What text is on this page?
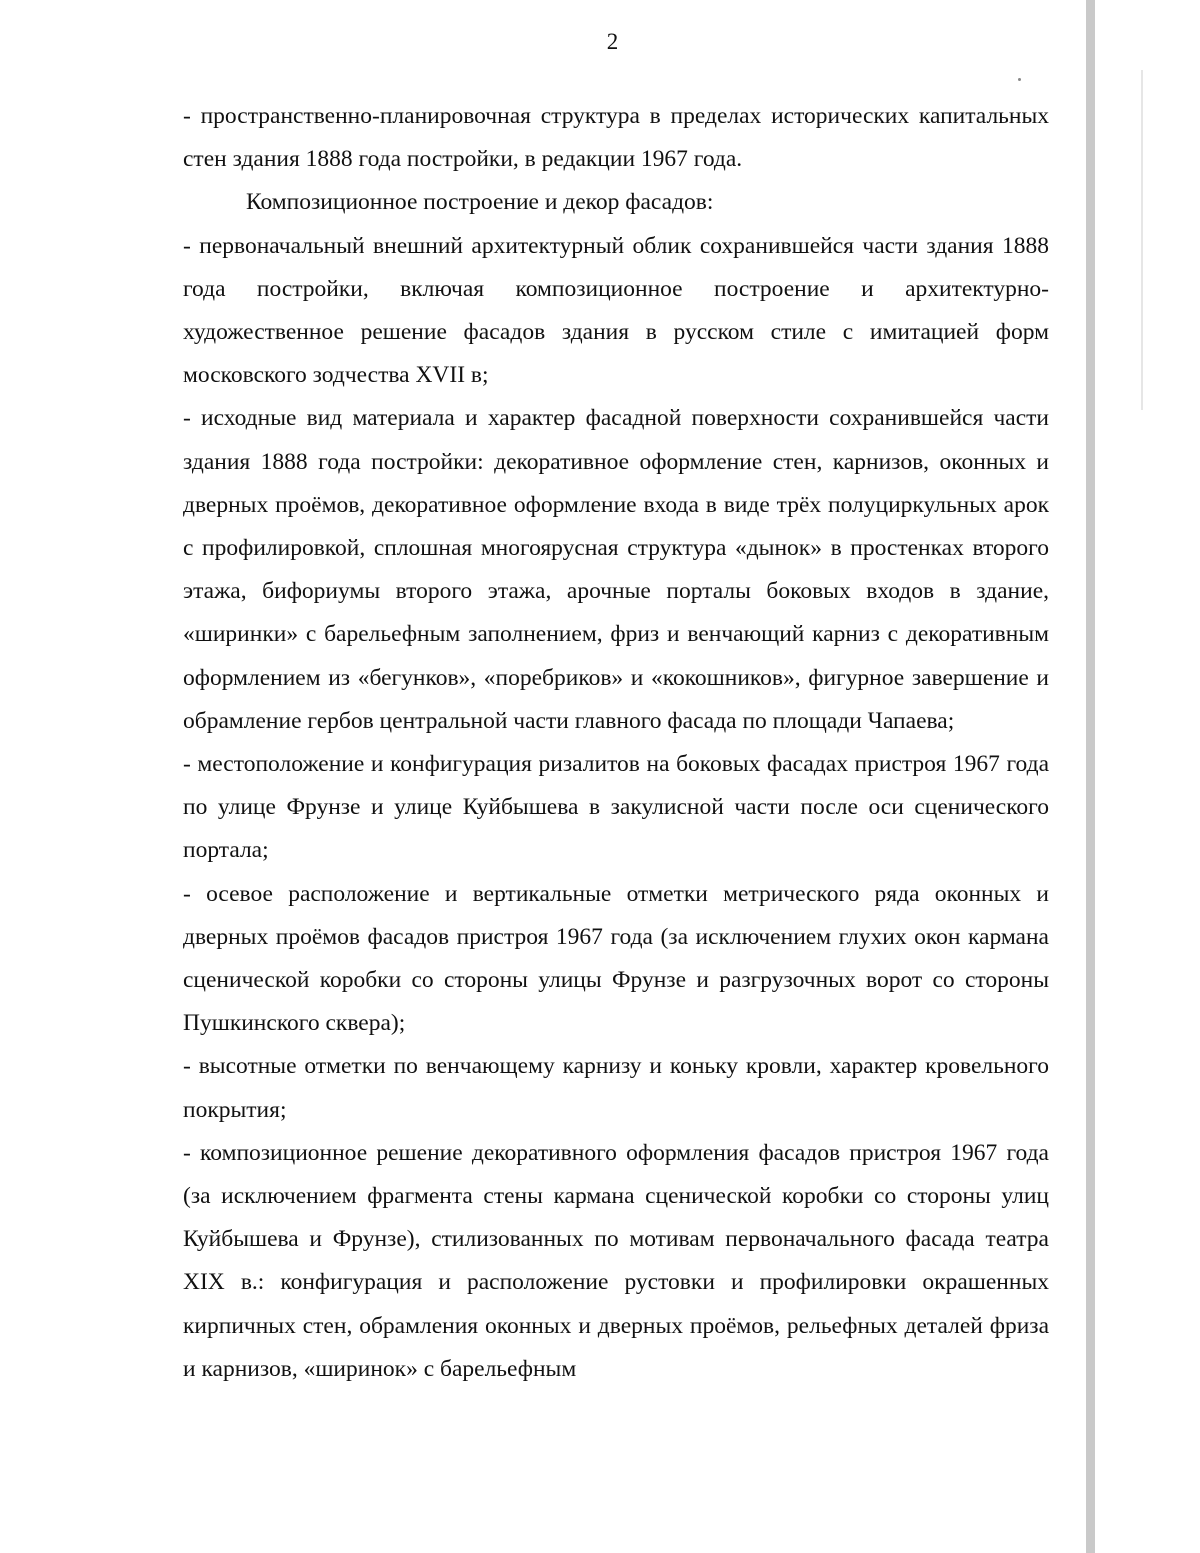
2

- пространственно-планировочная структура в пределах исторических капитальных стен здания 1888 года постройки, в редакции 1967 года.

Композиционное построение и декор фасадов:

- первоначальный внешний архитектурный облик сохранившейся части здания 1888 года постройки, включая композиционное построение и архитектурно-художественное решение фасадов здания в русском стиле с имитацией форм московского зодчества XVII в;

- исходные вид материала и характер фасадной поверхности сохранившейся части здания 1888 года постройки: декоративное оформление стен, карнизов, оконных и дверных проёмов, декоративное оформление входа в виде трёх полуциркульных арок с профилировкой, сплошная многоярусная структура «дынок» в простенках второго этажа, бифориумы второго этажа, арочные порталы боковых входов в здание, «ширинки» с барельефным заполнением, фриз и венчающий карниз с декоративным оформлением из «бегунков», «поребриков» и «кокошников», фигурное завершение и обрамление гербов центральной части главного фасада по площади Чапаева;

- местоположение и конфигурация ризалитов на боковых фасадах пристроя 1967 года по улице Фрунзе и улице Куйбышева в закулисной части после оси сценического портала;

- осевое расположение и вертикальные отметки метрического ряда оконных и дверных проёмов фасадов пристроя 1967 года (за исключением глухих окон кармана сценической коробки со стороны улицы Фрунзе и разгрузочных ворот со стороны Пушкинского сквера);

- высотные отметки по венчающему карнизу и коньку кровли, характер кровельного покрытия;

- композиционное решение декоративного оформления фасадов пристроя 1967 года (за исключением фрагмента стены кармана сценической коробки со стороны улиц Куйбышева и Фрунзе), стилизованных по мотивам первоначального фасада театра XIX в.: конфигурация и расположение рустовки и профилировки окрашенных кирпичных стен, обрамления оконных и дверных проёмов, рельефных деталей фриза и карнизов, «ширинок» с барельефным
